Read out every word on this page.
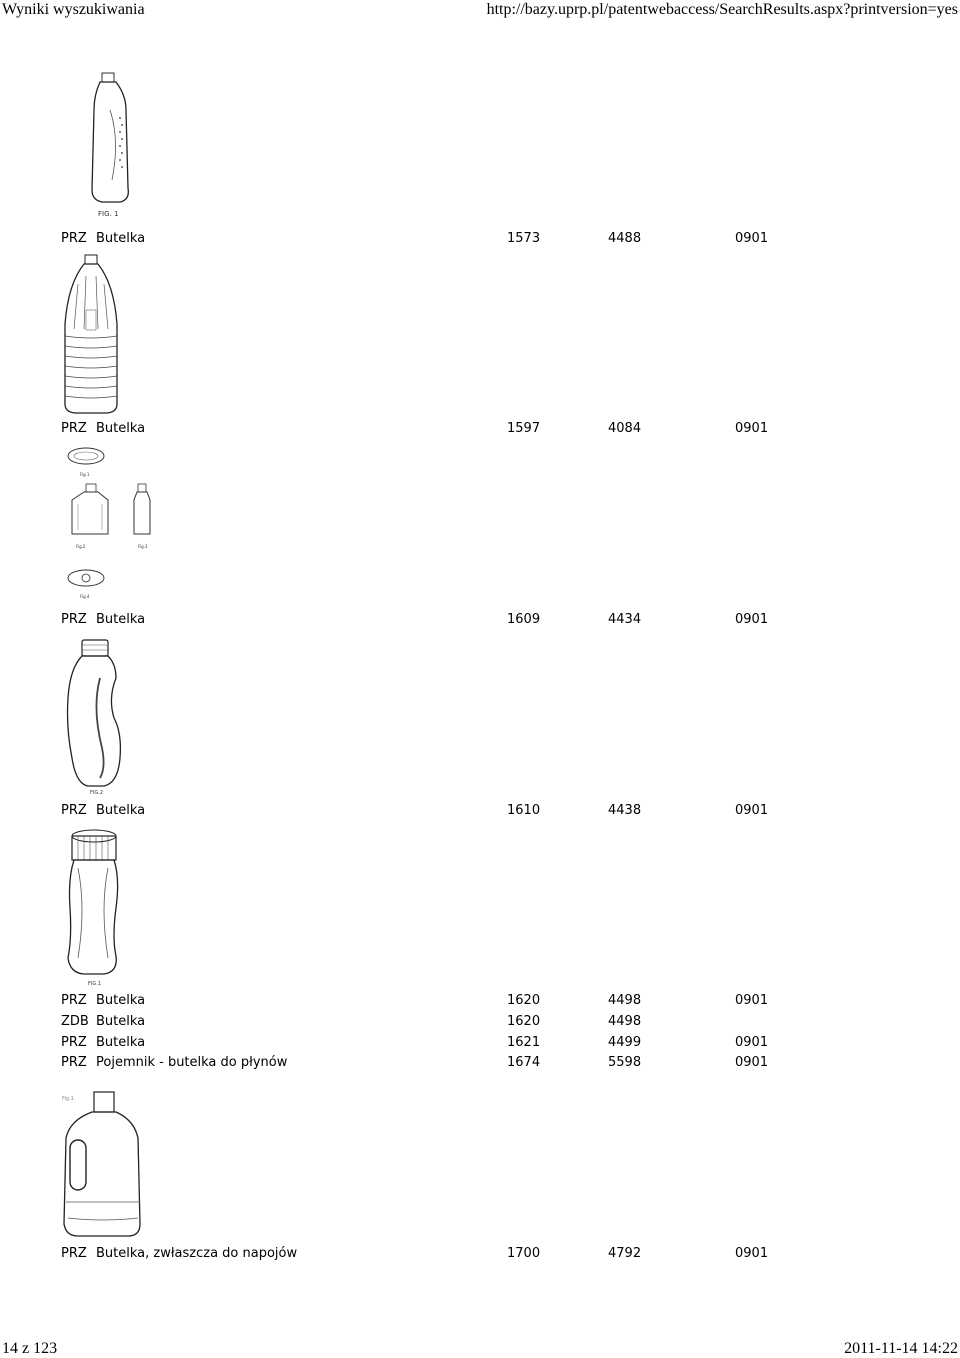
Wyniki wyszukiwania	http://bazy.uprp.pl/patentwebaccess/SearchResults.aspx?printversion=yes
FIG. 1
PRZ Butelka	1573	4488	0901
PRZ Butelka	1597	4084	0901
Fig.1
Fig.2	Fig.3
Fig.4
PRZ Butelka	1609	4434	0901
FIG.2
PRZ Butelka	1610	4438	0901
FIG.1
PRZ Butelka	1620	4498	0901
ZDB Butelka	1620	4498
PRZ Butelka	1621	4499	0901
PRZ Pojemnik - butelka do płynów	1674	5598	0901
Fig.1
PRZ Butelka, zwłaszcza do napojów	1700	4792	0901
14 z 123	2011-11-14 14:22
